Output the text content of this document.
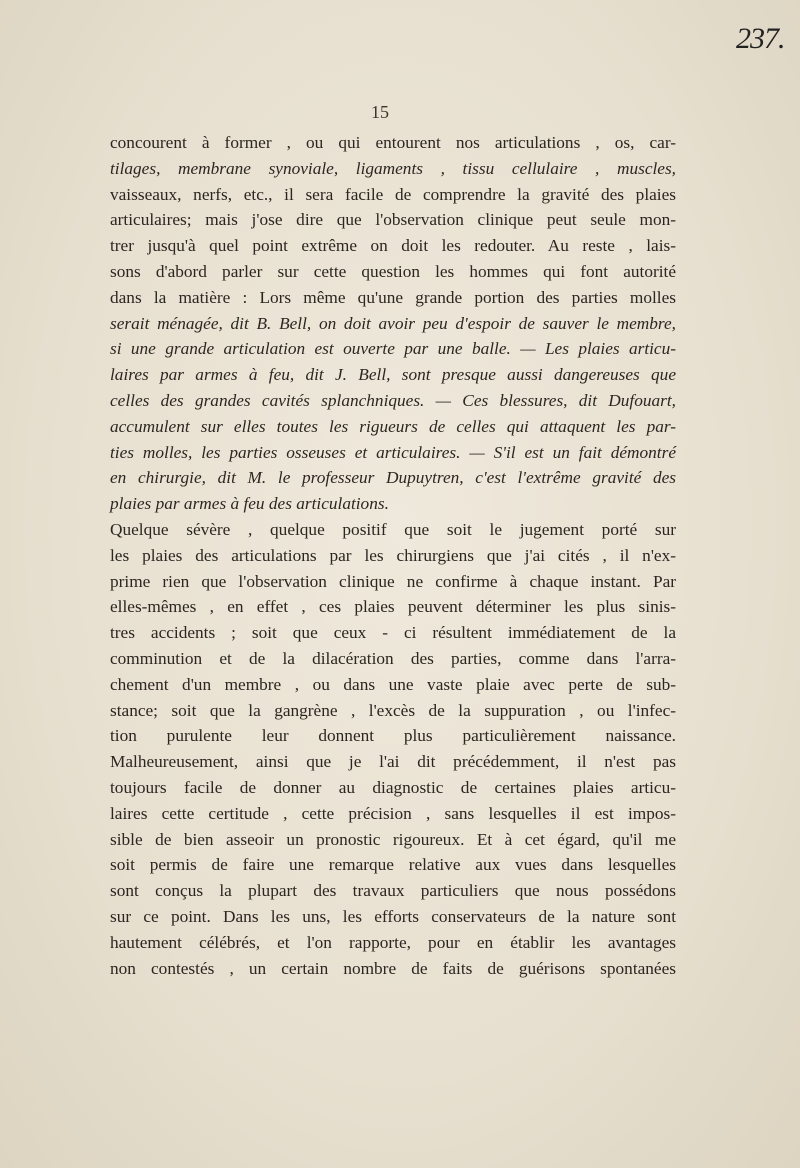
237.
15
concourent à former , ou qui entourent nos articulations , os, car-
tilages, membrane synoviale, ligaments , tissu cellulaire , muscles,
vaisseaux, nerfs, etc., il sera facile de comprendre la gravité des plaies
articulaires; mais j'ose dire que l'observation clinique peut seule mon-
trer jusqu'à quel point extrême on doit les redouter. Au reste , lais-
sons d'abord parler sur cette question les hommes qui font autorité
dans la matière : Lors même qu'une grande portion des parties molles
serait ménagée, dit B. Bell, on doit avoir peu d'espoir de sauver le membre,
si une grande articulation est ouverte par une balle. — Les plaies articu-
laires par armes à feu, dit J. Bell, sont presque aussi dangereuses que
celles des grandes cavités splanchniques. — Ces blessures, dit Dufouart,
accumulent sur elles toutes les rigueurs de celles qui attaquent les par-
ties molles, les parties osseuses et articulaires. — S'il est un fait démontré
en chirurgie, dit M. le professeur Dupuytren, c'est l'extrême gravité des
plaies par armes à feu des articulations.
Quelque sévère , quelque positif que soit le jugement porté sur
les plaies des articulations par les chirurgiens que j'ai cités , il n'ex-
prime rien que l'observation clinique ne confirme à chaque instant. Par
elles-mêmes , en effet , ces plaies peuvent déterminer les plus sinis-
tres accidents ; soit que ceux - ci résultent immédiatement de la
comminution et de la dilacération des parties, comme dans l'arra-
chement d'un membre , ou dans une vaste plaie avec perte de sub-
stance; soit que la gangrène , l'excès de la suppuration , ou l'infec-
tion purulente leur donnent plus particulièrement naissance.
Malheureusement, ainsi que je l'ai dit précédemment, il n'est pas
toujours facile de donner au diagnostic de certaines plaies articu-
laires cette certitude , cette précision , sans lesquelles il est impos-
sible de bien asseoir un pronostic rigoureux. Et à cet égard, qu'il me
soit permis de faire une remarque relative aux vues dans lesquelles
sont conçus la plupart des travaux particuliers que nous possédons
sur ce point. Dans les uns, les efforts conservateurs de la nature sont
hautement célébrés, et l'on rapporte, pour en établir les avantages
non contestés , un certain nombre de faits de guérisons spontanées
